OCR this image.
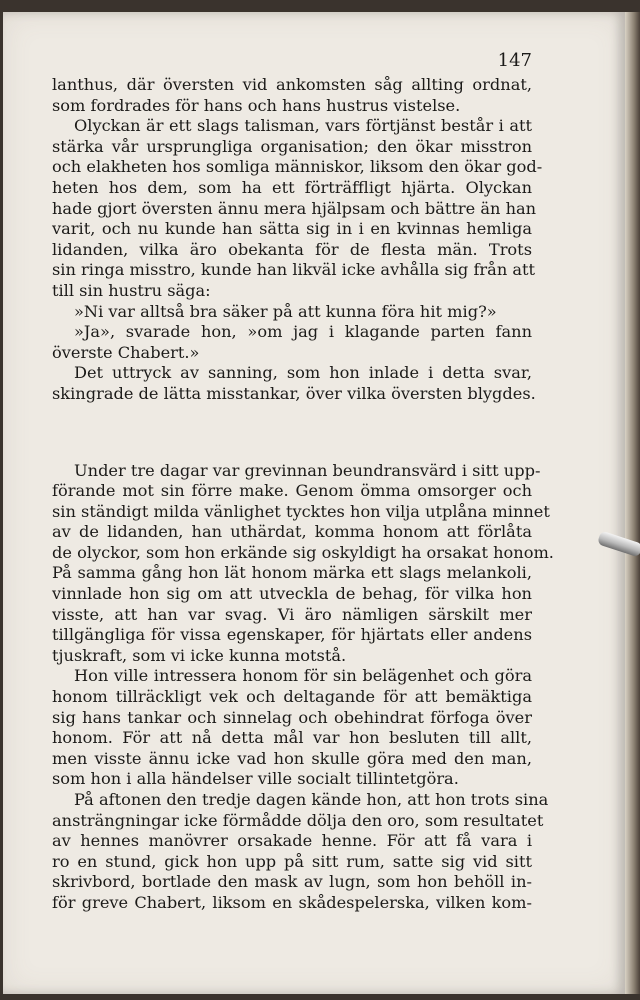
147
lanthus, där översten vid ankomsten såg allting ordnat,
som fordrades för hans och hans hustrus vistelse.
Olyckan är ett slags talisman, vars förtjänst består i att
stärka vår ursprungliga organisation; den ökar misstron
och elakheten hos somliga människor, liksom den ökar god-
heten hos dem, som ha ett förträffligt hjärta. Olyckan
hade gjort översten ännu mera hjälpsam och bättre än han
varit, och nu kunde han sätta sig in i en kvinnas hemliga
lidanden, vilka äro obekanta för de flesta män. Trots
sin ringa misstro, kunde han likväl icke avhålla sig från att
till sin hustru säga:
»Ni var alltså bra säker på att kunna föra hit mig?»
»Ja», svarade hon, »om jag i klagande parten fann
överste Chabert.»
Det uttryck av sanning, som hon inlade i detta svar,
skingrade de lätta misstankar, över vilka översten blygdes.
Under tre dagar var grevinnan beundransvärd i sitt upp-
förande mot sin förre make. Genom ömma omsorger och
sin ständigt milda vänlighet tycktes hon vilja utplåna minnet
av de lidanden, han uthärdat, komma honom att förlåta
de olyckor, som hon erkände sig oskyldigt ha orsakat honom.
På samma gång hon lät honom märka ett slags melankoli,
vinnlade hon sig om att utveckla de behag, för vilka hon
visste, att han var svag. Vi äro nämligen särskilt mer
tillgängliga för vissa egenskaper, för hjärtats eller andens
tjuskraft, som vi icke kunna motstå.
Hon ville intressera honom för sin belägenhet och göra
honom tillräckligt vek och deltagande för att bemäktiga
sig hans tankar och sinnelag och obehindrat förfoga över
honom. För att nå detta mål var hon besluten till allt,
men visste ännu icke vad hon skulle göra med den man,
som hon i alla händelser ville socialt tillintetgöra.
På aftonen den tredje dagen kände hon, att hon trots sina
ansträngningar icke förmådde dölja den oro, som resultatet
av hennes manövrer orsakade henne. För att få vara i
ro en stund, gick hon upp på sitt rum, satte sig vid sitt
skrivbord, bortlade den mask av lugn, som hon behöll in-
för greve Chabert, liksom en skådespelerska, vilken kom-
